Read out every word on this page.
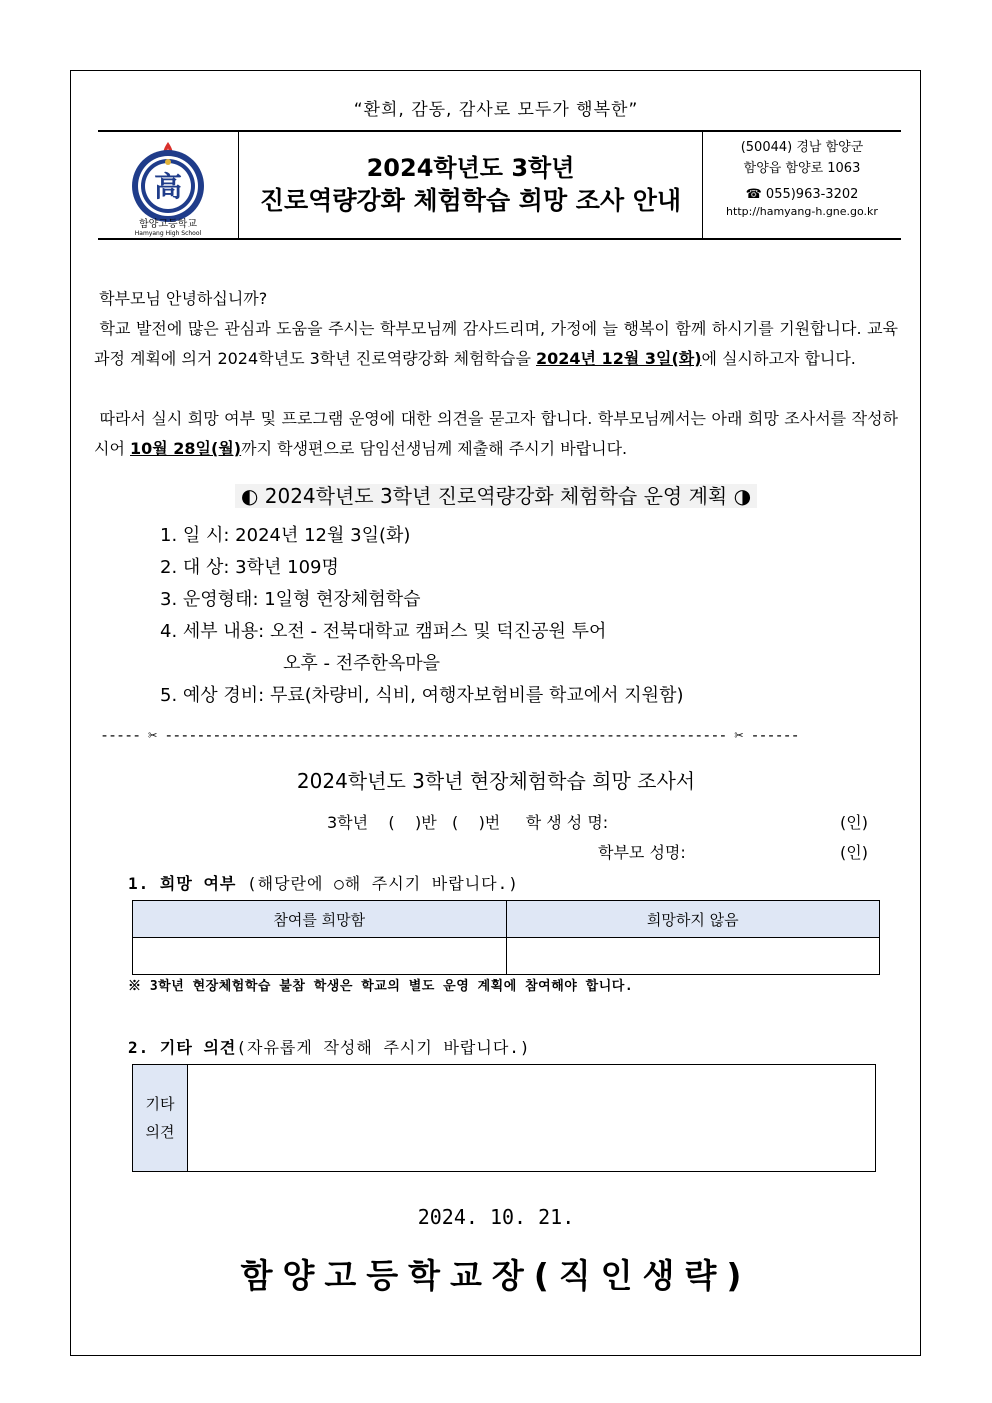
“환희, 감동, 감사로 모두가 행복한”
高
함양고등학교
Hamyang High School
2024학년도 3학년
진로역량강화 체험학습 희망 조사 안내
(50044) 경남 함양군
함양읍 함양로 1063
☎ 055)963-3202
http://hamyang-h.gne.go.kr
학부모님 안녕하십니까?
학교 발전에 많은 관심과 도움을 주시는 학부모님께 감사드리며, 가정에 늘 행복이 함께 하시기를 기원합니다. 교육과정 계획에 의거 2024학년도 3학년 진로역량강화 체험학습을 2024년 12월 3일(화)에 실시하고자 합니다.
따라서 실시 희망 여부 및 프로그램 운영에 대한 의견을 묻고자 합니다. 학부모님께서는 아래 희망 조사서를 작성하시어 10월 28일(월)까지 학생편으로 담임선생님께 제출해 주시기 바랍니다.
◐ 2024학년도 3학년 진로역량강화 체험학습 운영 계획 ◑
1. 일 시: 2024년 12월 3일(화)
2. 대 상: 3학년 109명
3. 운영형태: 1일형 현장체험학습
4. 세부 내용: 오전 - 전북대학교 캠퍼스 및 덕진공원 투어
오후 - 전주한옥마을
5. 예상 경비: 무료(차량비, 식비, 여행자보험비를 학교에서 지원함)
----- ✂ ---------------------------------------------------------------------- ✂ ------
2024학년도 3학년 현장체험학습 희망 조사서
3학년    (    )반   (    )번     학 생 성 명:	(인)
학부모 성명:	(인)
1. 희망 여부 (해당란에 ○해 주시기 바랍니다.)
참여를 희망함	희망하지 않음

※ 3학년 현장체험학습 불참 학생은 학교의 별도 운영 계획에 참여해야 합니다.
2. 기타 의견(자유롭게 작성해 주시기 바랍니다.)
기타
의견
2024. 10. 21.
함양고등학교장(직인생략)
